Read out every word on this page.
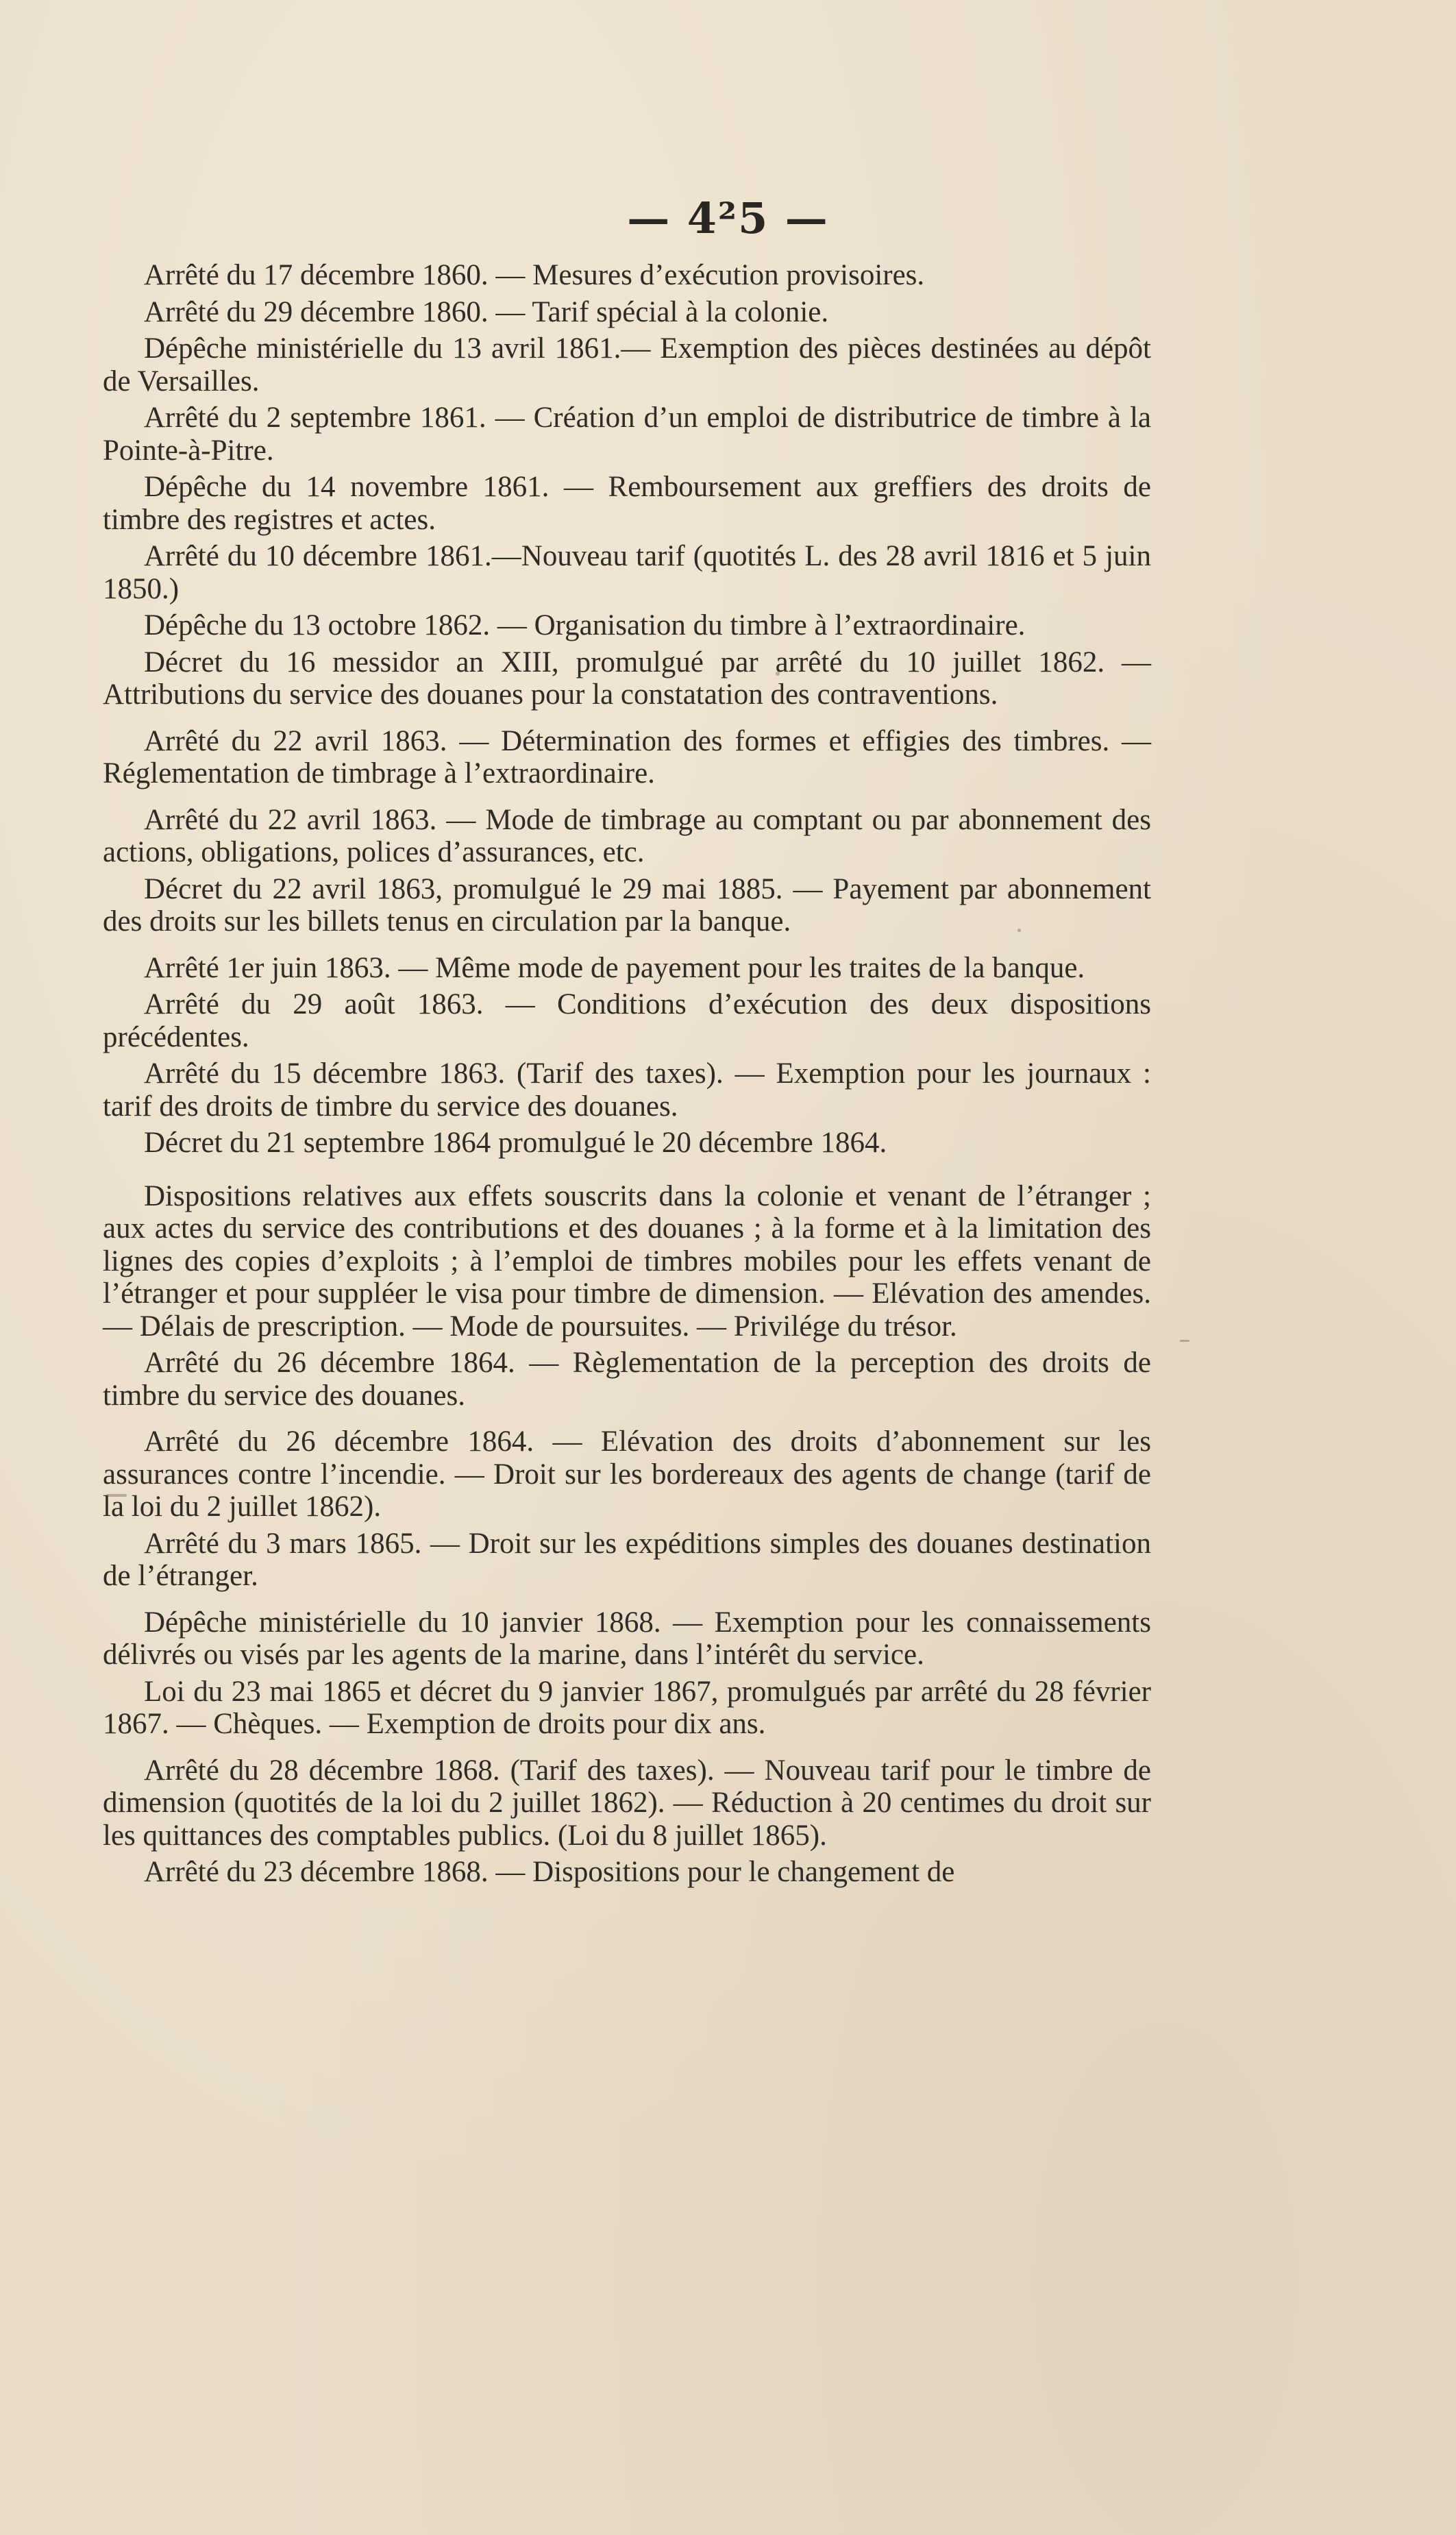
— 4²5 —

Arrêté du 17 décembre 1860. — Mesures d’exécution provisoires.

Arrêté du 29 décembre 1860. — Tarif spécial à la colonie.

Dépêche ministérielle du 13 avril 1861.— Exemption des pièces destinées au dépôt de Versailles.

Arrêté du 2 septembre 1861. — Création d’un emploi de distributrice de timbre à la Pointe-à-Pitre.

Dépêche du 14 novembre 1861. — Remboursement aux greffiers des droits de timbre des registres et actes.

Arrêté du 10 décembre 1861.—Nouveau tarif (quotités L. des 28 avril 1816 et 5 juin 1850.)

Dépêche du 13 octobre 1862. — Organisation du timbre à l’extraordinaire.

Décret du 16 messidor an XIII, promulgué par arrêté du 10 juillet 1862. — Attributions du service des douanes pour la constatation des contraventions.

Arrêté du 22 avril 1863. — Détermination des formes et effigies des timbres. — Réglementation de timbrage à l’extraordinaire.

Arrêté du 22 avril 1863. — Mode de timbrage au comptant ou par abonnement des actions, obligations, polices d’assurances, etc.

Décret du 22 avril 1863, promulgué le 29 mai 1885. — Payement par abonnement des droits sur les billets tenus en circulation par la banque.

Arrêté 1er juin 1863. — Même mode de payement pour les traites de la banque.

Arrêté du 29 août 1863. — Conditions d’exécution des deux dispositions précédentes.

Arrêté du 15 décembre 1863. (Tarif des taxes). — Exemption pour les journaux : tarif des droits de timbre du service des douanes.

Décret du 21 septembre 1864 promulgué le 20 décembre 1864.

Dispositions relatives aux effets souscrits dans la colonie et venant de l’étranger ; aux actes du service des contributions et des douanes ; à la forme et à la limitation des lignes des copies d’exploits ; à l’emploi de timbres mobiles pour les effets venant de l’étranger et pour suppléer le visa pour timbre de dimension. — Elévation des amendes. — Délais de prescription. — Mode de poursuites. — Privilége du trésor.

Arrêté du 26 décembre 1864. — Règlementation de la perception des droits de timbre du service des douanes.

Arrêté du 26 décembre 1864. — Elévation des droits d’abonnement sur les assurances contre l’incendie. — Droit sur les bordereaux des agents de change (tarif de la loi du 2 juillet 1862).

Arrêté du 3 mars 1865. — Droit sur les expéditions simples des douanes destination de l’étranger.

Dépêche ministérielle du 10 janvier 1868. — Exemption pour les connaissements délivrés ou visés par les agents de la marine, dans l’intérêt du service.

Loi du 23 mai 1865 et décret du 9 janvier 1867, promulgués par arrêté du 28 février 1867. — Chèques. — Exemption de droits pour dix ans.

Arrêté du 28 décembre 1868. (Tarif des taxes). — Nouveau tarif pour le timbre de dimension (quotités de la loi du 2 juillet 1862). — Réduction à 20 centimes du droit sur les quittances des comptables publics. (Loi du 8 juillet 1865).

Arrêté du 23 décembre 1868. — Dispositions pour le changement de
